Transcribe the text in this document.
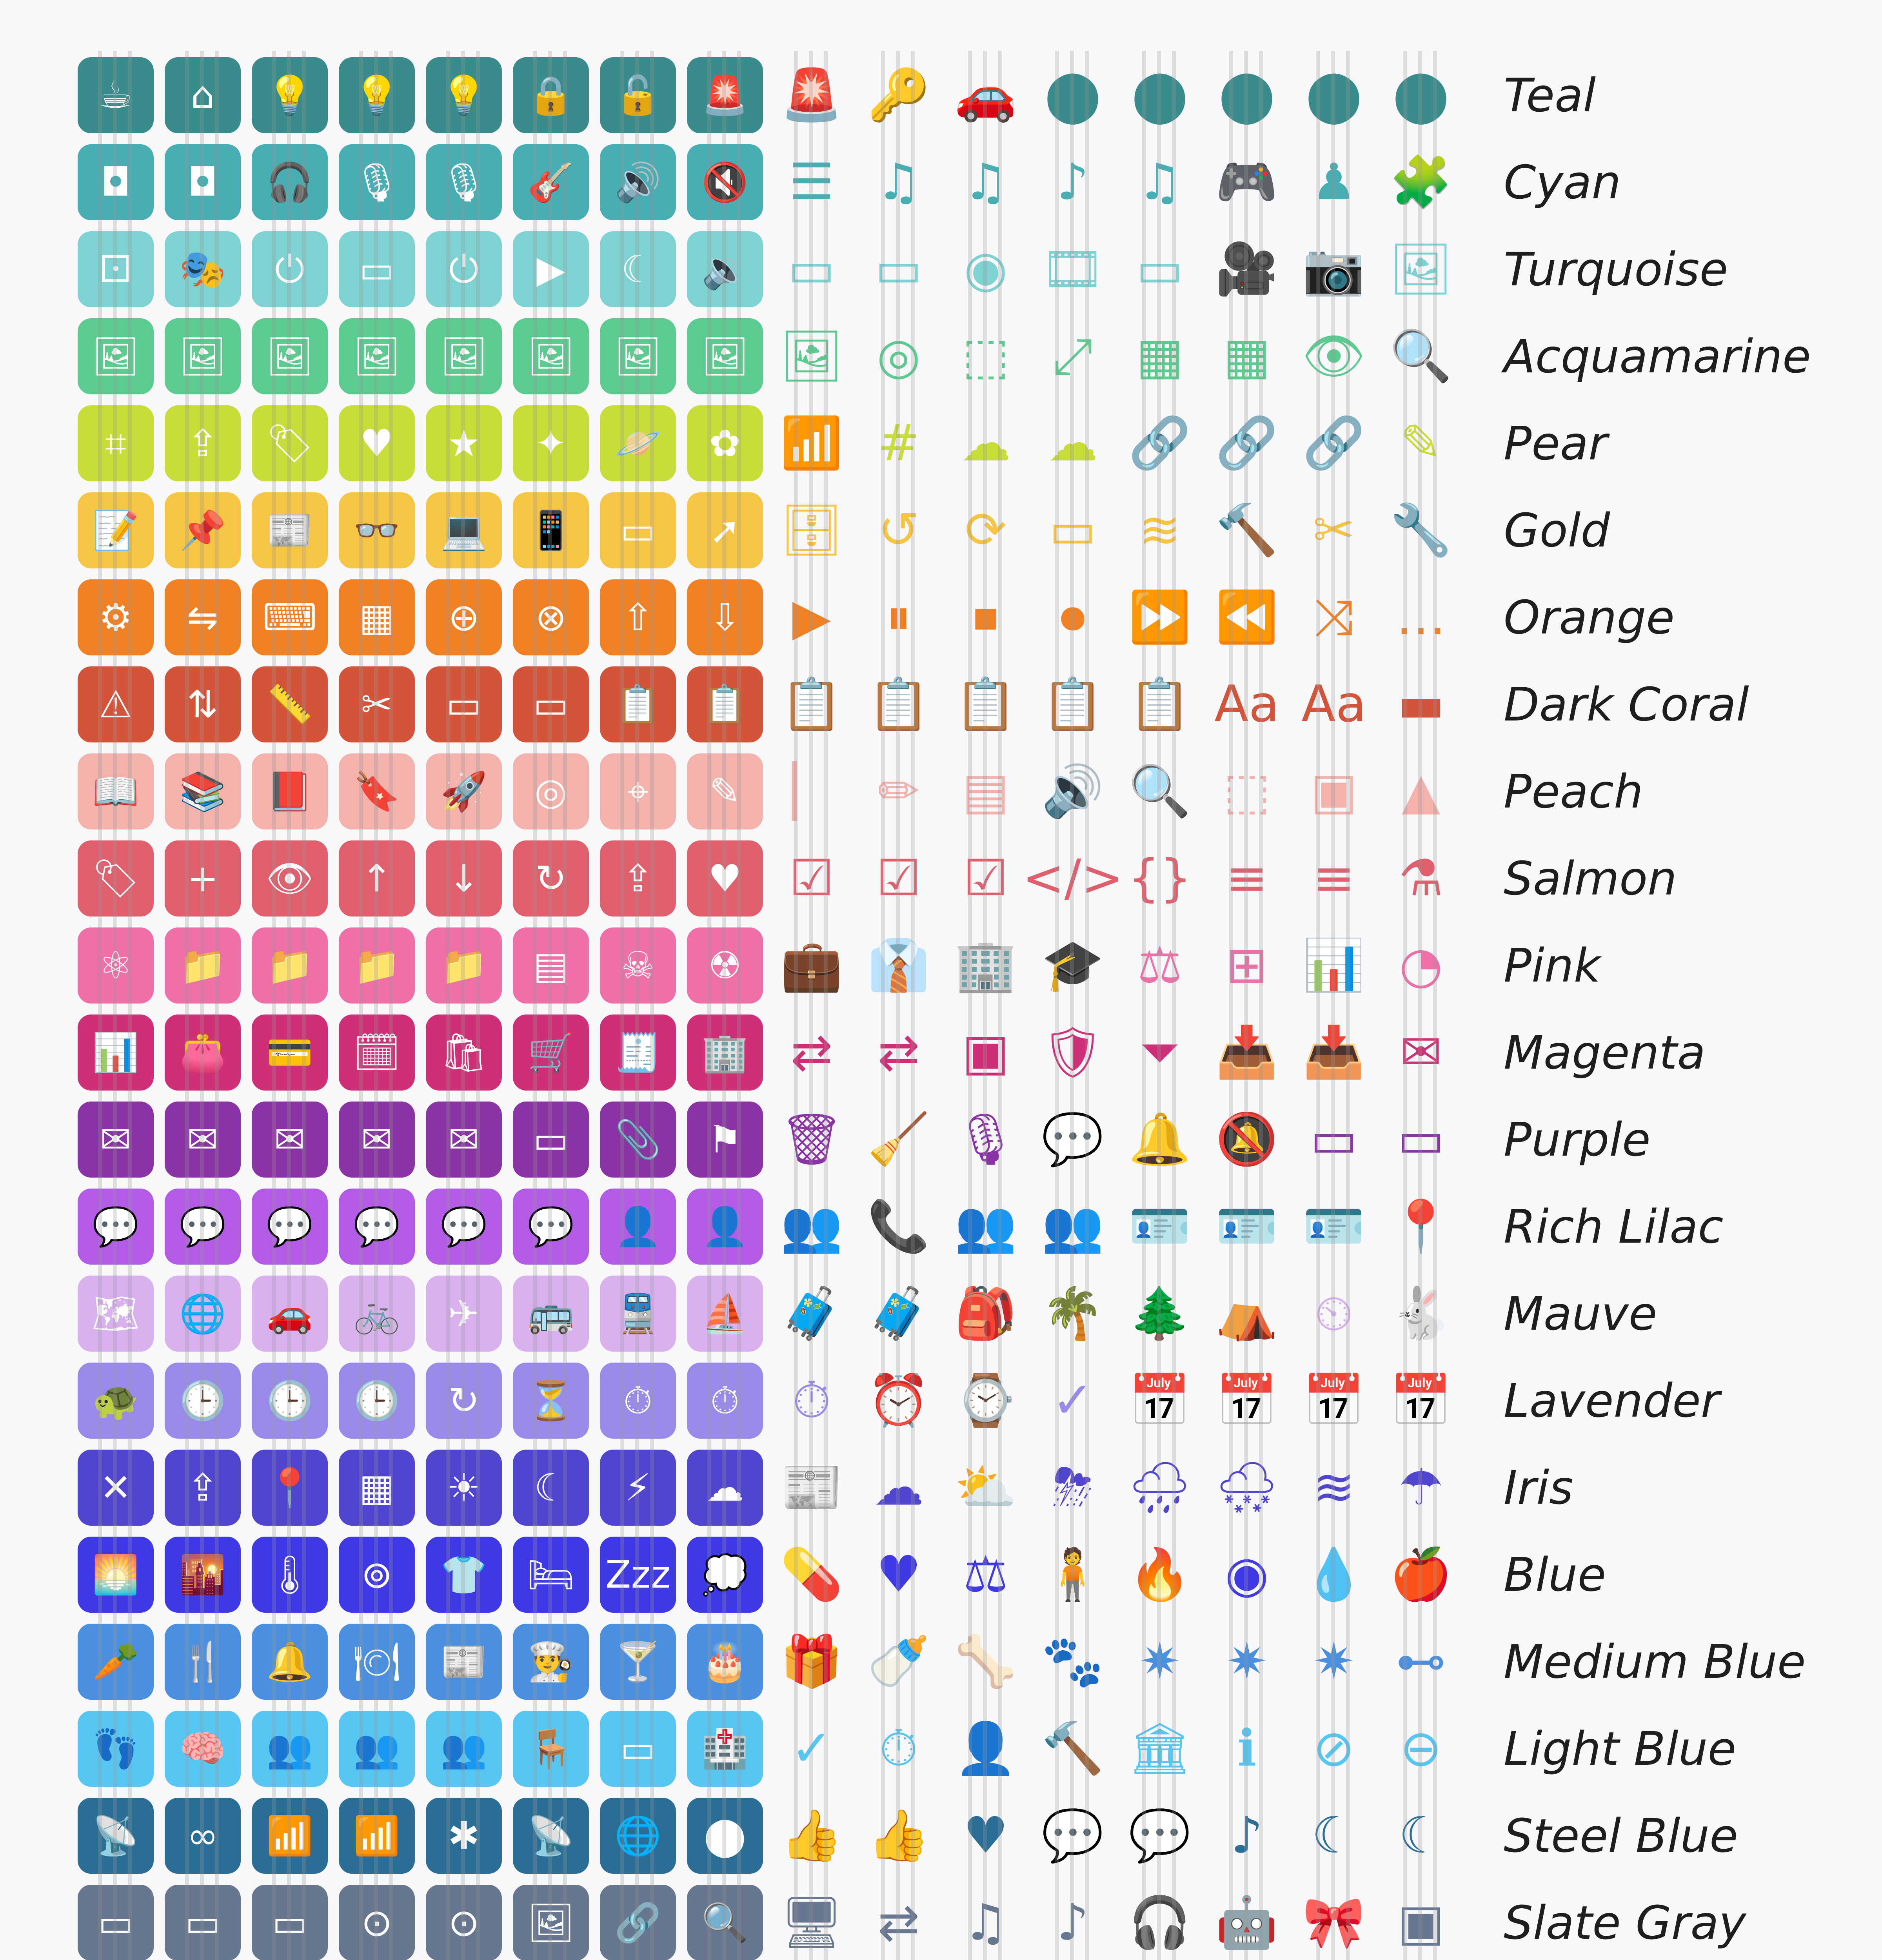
☕	⌂	💡	💡	💡	🔒	🔓	🚨 🚨 🔑 🚗 ⬤ ⬤ ⬤ ⬤ ⬤ Teal
◘	◘	🎧	🎙	🎙	🎸	🔊	🔇 ☰ ♫ ♫ ♪ ♫ 🎮 ♟ 🧩 Cyan
⚀	🎭	⏻	▭	⏻	▶	☾	🔉 ▭ ▭ ◉ 🎞 ▭ 🎥 📷 🖼 Turquoise
🖼	🖼	🖼	🖼	🖼	🖼	🖼	🖼 🖼 ◎ ⬚ ⤢ ▦ ▦ 👁 🔍 Acquamarine
⌗	⇪	🏷	♥	★	✦	🪐	✿ 📶 # ☁ ☁ 🔗 🔗 🔗 ✎	Pear
📝	📌	📰	👓	💻	📱	▭	➚ 🗄 ↺ ⟳ ▭ ≋ 🔨 ✂ 🔧 Gold
⚙	⇋	⌨	▦	⊕	⊗	⇧	⇩	▶	⏸	⏹	⏺ ⏩ ⏪ ⤨ … Orange
⚠	⇅	📏	✂	▭	▭	📋	📋 📋 📋 📋 📋 📋 Aa Aa ▬	Dark Coral
📖	📚	📕	🔖	🚀	◎	⌖	✎	▏ ✏ ▤ 🔊 🔍 ⬚ ▣ ▲	Peach
🏷	+	👁	↑	↓	↻	⇪	♥ ☑ ☑ ☑ </> {} ≡ ≡ ⚗	Salmon
⚛	📁	📁	📁	📁	▤	☠	☢ 💼 👔 🏢 🎓 ⚖ ⊞ 📊 ◔	Pink
📊	👛	💳	🗓	🛍	🛒	🧾	🏢 ⇄ ⇄ ▣ 🛡 ⏷ 📥 📥 ✉	Magenta
✉	✉	✉	✉	✉	▭	📎	⚑ 🗑 🧹 🎙 💬 🔔 🔕 ▭ ▭	Purple
💬	💬	💬	💬	💬	💬	👤	👤 👥 📞 👥 👥 🪪 🪪 🪪 📍 Rich Lilac
🗺	🌐	🚗	🚲	✈	🚌	🚆	⛵ 🧳 🧳 🎒 🌴 🌲 ⛺ ⏲ 🐇 Mauve
🐢	🕒	🕒	🕒	↻	⏳	⏱	⏱	⏱ ⏰ ⌚ ✓ 📅 📅 📅 📅 Lavender
✕	⇪	📍	▦	☀	☾	⚡	☁ 📰 ☁ ⛅ ⛈ 🌧 🌨 ≋ ☂	Iris
🌅	🌇	🌡	⊚	👕	🛏 Zzz 💭 💊 ♥ ⚖ 🧍 🔥 ◉ 💧 🍎 Blue
🥕	🍴	🔔	🍽	📰	👨‍🍳	🍸	🎂 🎁 🍼 🦴 🐾 ✷ ✷ ✷ ⊷ Medium Blue
👣	🧠	👥	👥	👥	🪑	▭	🏥 ✓ ⏱ 👤 🔨 🏛 ℹ	⊘ ⊖	Light Blue
📡	∞	📶	📶	✱	📡	🌐	⬤ 👍 👍 ♥ 💬 💬 ♪ ☾ ☾	Steel Blue
▭	▭	▭	⊙	⊙	🖼	🔗	🔍 🖥 ⇄ ♫ ♪ 🎧 🤖 🎀 ▣	Slate Gray
